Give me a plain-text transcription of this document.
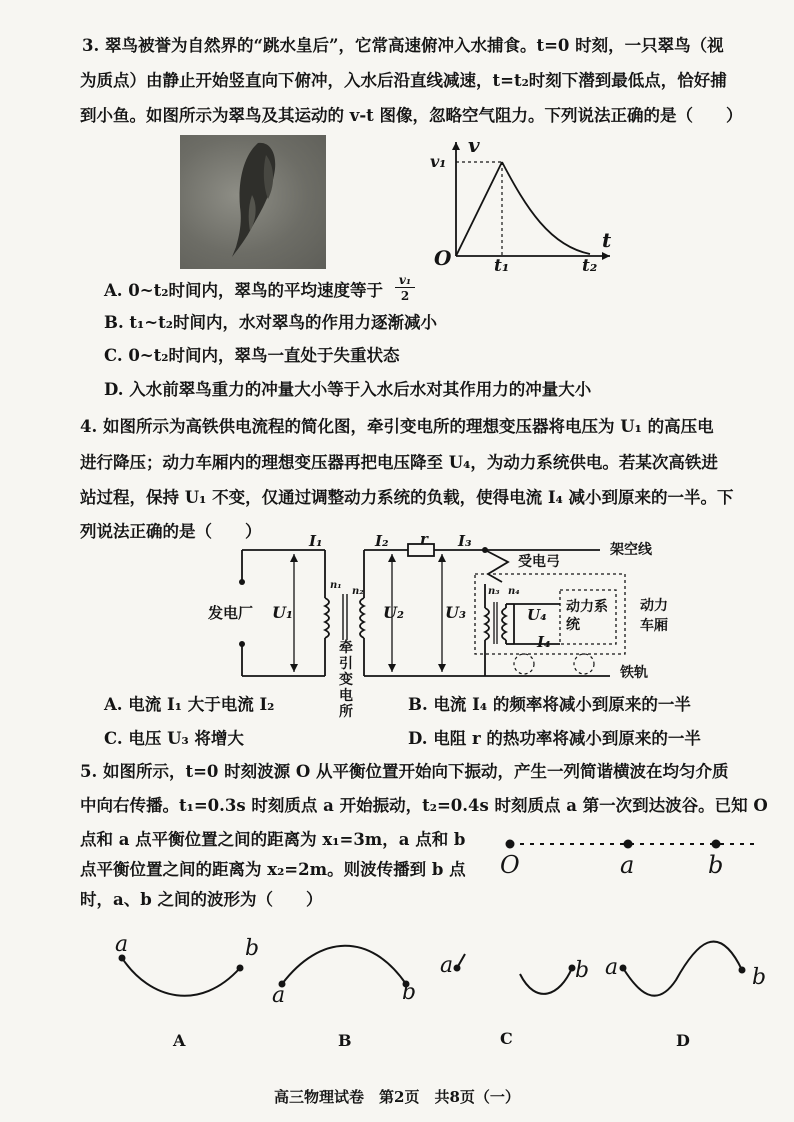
3. 翠鸟被誉为自然界的“跳水皇后”，它常高速俯冲入水捕食。t=0 时刻，一只翠鸟（视
为质点）由静止开始竖直向下俯冲，入水后沿直线减速，t=t₂时刻下潜到最低点，恰好捕
到小鱼。如图所示为翠鸟及其运动的 v-t 图像，忽略空气阻力。下列说法正确的是（　　）
v
v₁
O	t₁	t₂
t
A. 0~t₂时间内，翠鸟的平均速度等于
v₁
2
B. t₁~t₂时间内，水对翠鸟的作用力逐渐减小
C. 0~t₂时间内，翠鸟一直处于失重状态
D. 入水前翠鸟重力的冲量大小等于入水后水对其作用力的冲量大小
4. 如图所示为高铁供电流程的简化图，牵引变电所的理想变压器将电压为 U₁ 的高压电
进行降压；动力车厢内的理想变压器再把电压降至 U₄，为动力系统供电。若某次高铁进
站过程，保持 U₁ 不变，仅通过调整动力系统的负载，使得电流 I₄ 减小到原来的一半。下
列说法正确的是（　　）
发电厂 U₁
I₁
n₁
n₂
I₂ r I₃
U₂	U₃
牵引变电所
受电弓
架空线
n₃ n₄
U₄
I₄
动力系统
动力车厢
铁轨
A. 电流 I₁ 大于电流 I₂	B. 电流 I₄ 的频率将减小到原来的一半
C. 电压 U₃ 将增大	D. 电阻 r 的热功率将减小到原来的一半
5. 如图所示，t=0 时刻波源 O 从平衡位置开始向下振动，产生一列简谐横波在均匀介质
中向右传播。t₁=0.3s 时刻质点 a 开始振动，t₂=0.4s 时刻质点 a 第一次到达波谷。已知 O
点和 a 点平衡位置之间的距离为 x₁=3m，a 点和 b
点平衡位置之间的距离为 x₂=2m。则波传播到 b 点
时，a、b 之间的波形为（　　）
O	a	b
a	b
a	b
a	b a	b
A	B	C	D
高三物理试卷　第2页　共8页（一）
